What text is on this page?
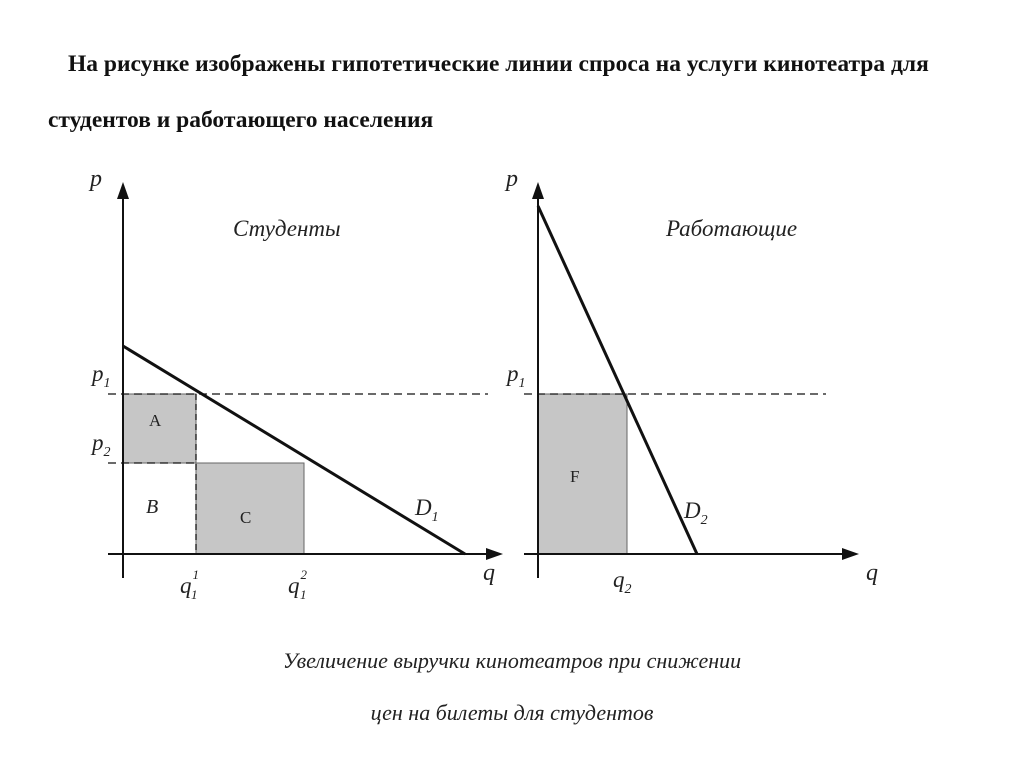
На рисунке изображены гипотетические линии спроса на услуги кинотеатра для
студентов и работающего населения
p
q
Студенты
$p_1$
$p_2$
A
B	C	$D_1$
$q^1$ 1	$q^2$ 1
p
q
Работающие
$p_1$
F
$D_2$
$q_2$
Увеличение выручки кинотеатров при снижении
цен на билеты для студентов
